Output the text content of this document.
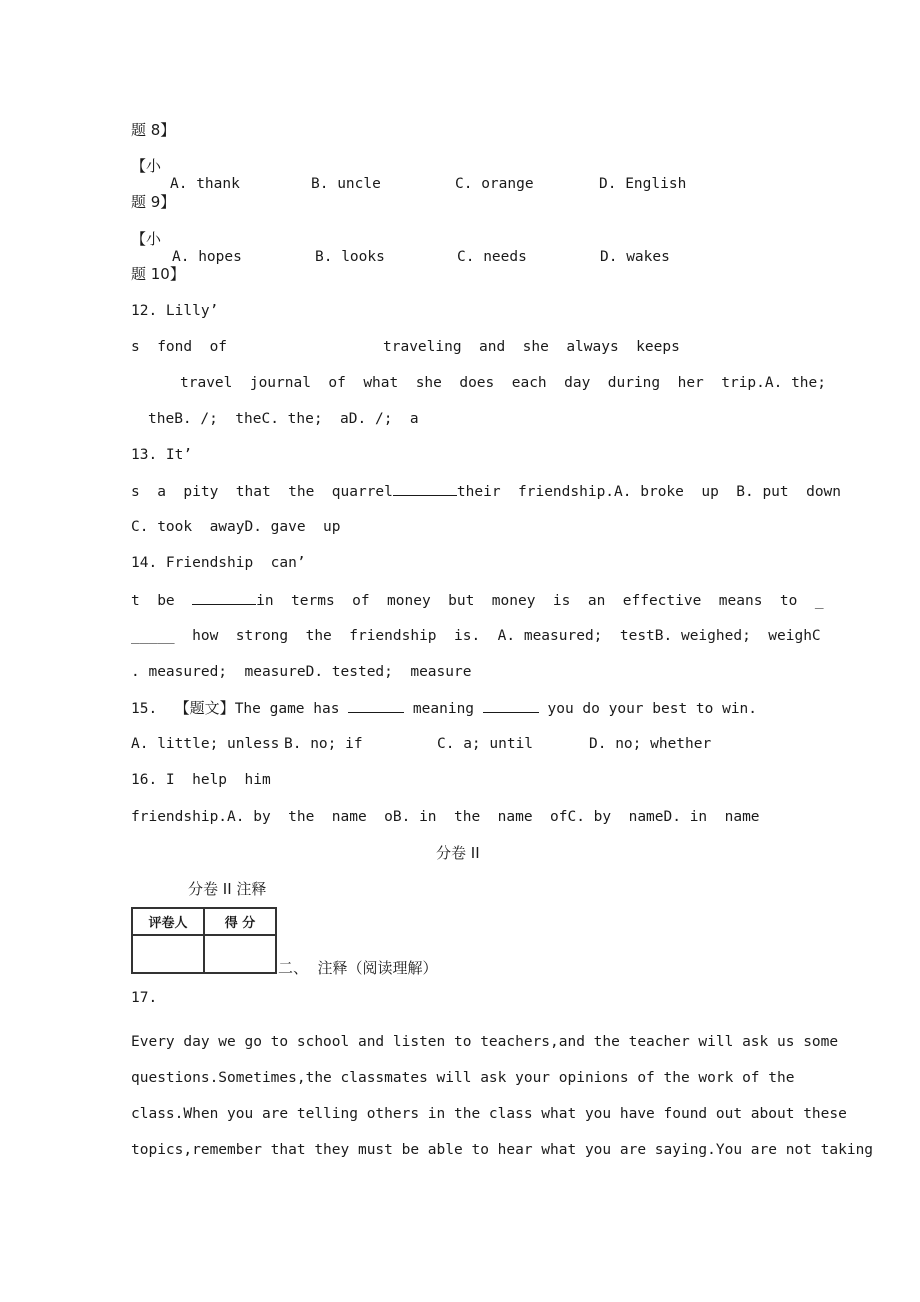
题 8】
【小
A. thank	B. uncle	C. orange	D. English
题 9】
【小
A. hopes	B. looks	C. needs	D. wakes
题 10】
12. Lilly’
s  fond  of	traveling  and  she  always  keeps
travel  journal  of  what  she  does  each  day  during  her  trip.A. the;
theB. /;  theC. the;  aD. /;  a
13. It’
s  a  pity  that  the  quarrel	their  friendship.A. broke  up  B. put  down
C. took  awayD. gave  up
14. Friendship  can’
t  be	in  terms  of  money  but  money  is  an  effective  means  to  _
_____  how  strong  the  friendship  is.  A. measured;  testB. weighed;  weighC
. measured;  measureD. tested;  measure
15. 【题文】The game has	meaning	you do your best to win.
A. little; unless B. no; if	C. a; until	D. no; whether
16. I  help  him
friendship.A. by  the  name  oB. in  the  name  ofC. by  nameD. in  name
分卷 II
分卷 II 注释
评卷人	得 分

二、  注释（阅读理解）
17.
Every day we go to school and listen to teachers,and the teacher will ask us some
questions.Sometimes,the classmates will ask your opinions of the work of the
class.When you are telling others in the class what you have found out about these
topics,remember that they must be able to hear what you are saying.You are not taking
